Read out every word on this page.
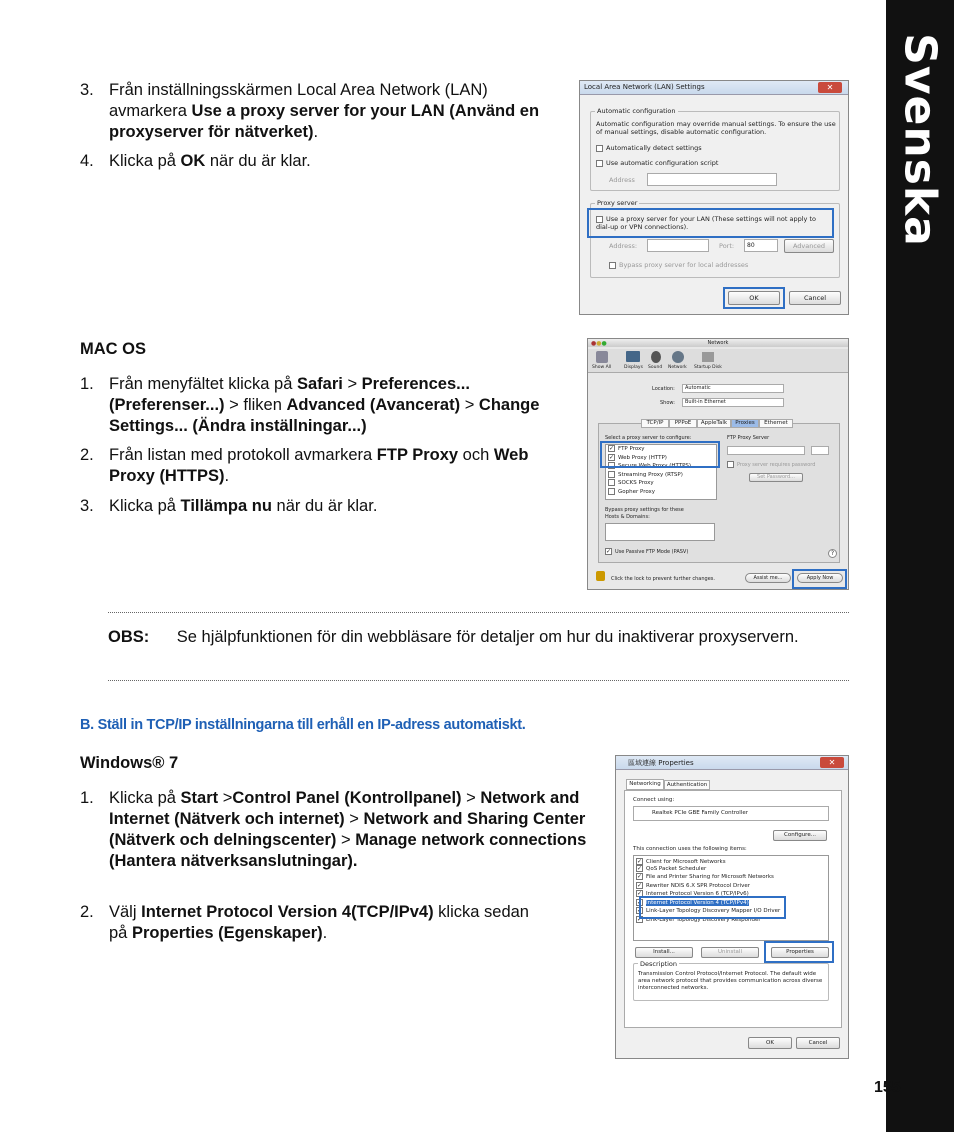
Svenska
155
3. Från inställningsskärmen Local Area Network (LAN) avmarkera Use a proxy server for your LAN (Använd en proxyserver för nätverket).
4. Klicka på OK när du är klar.
Local Area Network (LAN) Settings	✕
Automatic configuration
Automatic configuration may override manual settings. To ensure the use of manual settings, disable automatic configuration.
Automatically detect settings
Use automatic configuration script
Address
Proxy server
Use a proxy server for your LAN (These settings will not apply to dial-up or VPN connections).
Address:	Port:	80	Advanced
Bypass proxy server for local addresses
OK	Cancel
MAC OS
1. Från menyfältet klicka på Safari > Preferences... (Preferenser...) > fliken Advanced (Avancerat) > Change Settings... (Ändra inställningar...)
2. Från listan med protokoll avmarkera FTP Proxy och Web Proxy (HTTPS).
3. Klicka på Tillämpa nu när du är klar.
Network
●●●
Show All	Displays Sound Network Startup Disk
Location:	Automatic
Show:	Built-in Ethernet
TCP/IP	PPPoE	AppleTalk	Proxies	Ethernet
Select a proxy server to configure:	FTP Proxy Server
✓ FTP Proxy
✓ Web Proxy (HTTP)
Secure Web Proxy (HTTPS)
Streaming Proxy (RTSP)
SOCKS Proxy
Gopher Proxy
Proxy server requires password
Set Password...
Bypass proxy settings for these Hosts & Domains:
✓ Use Passive FTP Mode (PASV)	?
Click the lock to prevent further changes.	Assist me...	Apply Now
OBS: Se hjälpfunktionen för din webbläsare för detaljer om hur du inaktiverar proxyservern.
B. Ställ in TCP/IP inställningarna till erhåll en IP-adress automatiskt.
Windows® 7
1. Klicka på Start >Control Panel (Kontrollpanel) > Network and Internet (Nätverk och internet) > Network and Sharing Center (Nätverk och delningscenter) > Manage network connections (Hantera nätverksanslutningar).
2. Välj Internet Protocol Version 4(TCP/IPv4) klicka sedan på Properties (Egenskaper).
區域連線 Properties	✕
Networking	Authentication
Connect using:
Realtek PCIe GBE Family Controller
Configure...
This connection uses the following items:
✓ Client for Microsoft Networks
✓ QoS Packet Scheduler
✓ File and Printer Sharing for Microsoft Networks
✓ Rewriter NDIS 6.X SPR Protocol Driver
✓ Internet Protocol Version 6 (TCP/IPv6)
✓ Internet Protocol Version 4 (TCP/IPv4)
✓ Link-Layer Topology Discovery Mapper I/O Driver
✓ Link-Layer Topology Discovery Responder
Install...	Uninstall	Properties
Description
Transmission Control Protocol/Internet Protocol. The default wide area network protocol that provides communication across diverse interconnected networks.
OK	Cancel
